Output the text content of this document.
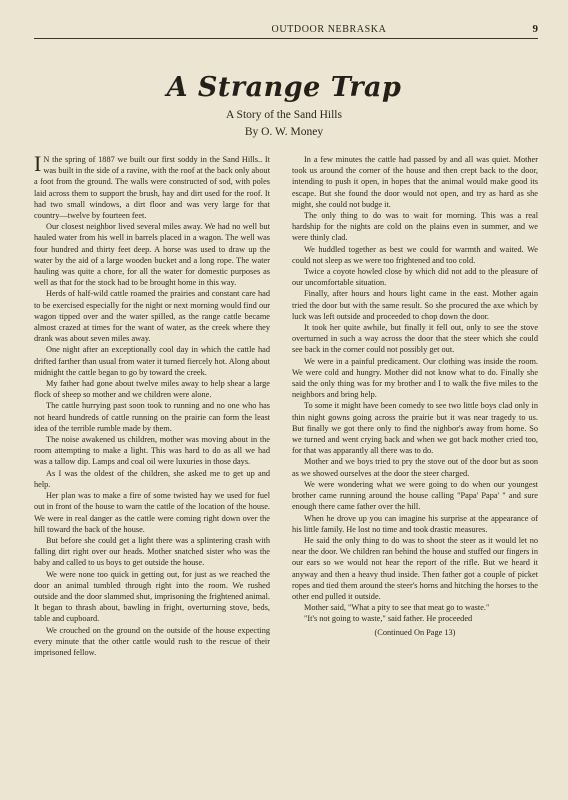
OUTDOOR NEBRASKA	9
A Strange Trap
A Story of the Sand Hills
By O. W. Money

I N the spring of 1887 we built our first soddy in the Sand Hills.. It was built in the side of a ravine, with the roof at the back only about a foot from the ground. The walls were constructed of sod, with poles laid across them to support the brush, hay and dirt used for the roof. It had two small windows, a dirt floor and was very large for that country—twelve by fourteen feet.

Our closest neighbor lived several miles away. We had no well but hauled water from his well in barrels placed in a wagon. The well was four hundred and thirty feet deep. A horse was used to draw up the water by the aid of a large wooden bucket and a long rope. The water hauling was quite a chore, for all the water for domestic purposes as well as that for the stock had to be brought home in this way.

Herds of half-wild cattle roamed the prairies and constant care had to be exercised especially for the night or next morning would find our wagon tipped over and the water spilled, as the range cattle became almost crazed at times for the want of water, as the creek where they drank was about seven miles away.

One night after an exceptionally cool day in which the cattle had drifted farther than usual from water it turned fiercely hot. Along about midnight the cattle began to go by toward the creek.

My father had gone about twelve miles away to help shear a large flock of sheep so mother and we children were alone.

The cattle hurrying past soon took to running and no one who has not heard hundreds of cattle running on the prairie can form the least idea of the terrible rumble made by them.

The noise awakened us children, mother was moving about in the room attempting to make a light. This was hard to do as all we had was a tallow dip. Lamps and coal oil were luxuries in those days.

As I was the oldest of the children, she asked me to get up and help.

Her plan was to make a fire of some twisted hay we used for fuel out in front of the house to warn the cattle of the location of the house. We were in real danger as the cattle were coming right down over the hill toward the back of the house.

But before she could get a light there was a splintering crash with falling dirt right over our heads. Mother snatched sister who was the baby and called to us boys to get outside the house.

We were none too quick in getting out, for just as we reached the door an animal tumbled through right into the room. We rushed outside and the door slammed shut, imprisoning the frightened animal. It began to thrash about, bawling in fright, overturning stove, beds, table and cupboard.

We crouched on the ground on the outside of the house expecting every minute that the other cattle would rush to the rescue of their imprisoned fellow.

In a few minutes the cattle had passed by and all was quiet. Mother took us around the corner of the house and then crept back to the door, intending to push it open, in hopes that the animal would make good its escape. But she found the door would not open, and try as hard as she might, she could not budge it.

The only thing to do was to wait for morning. This was a real hardship for the nights are cold on the plains even in summer, and we were thinly clad.

We huddled together as best we could for warmth and waited. We could not sleep as we were too frightened and too cold.

Twice a coyote howled close by which did not add to the pleasure of our uncomfortable situation.

Finally, after hours and hours light came in the east. Mother again tried the door but with the same result. So she procured the axe which by luck was left outside and proceeded to chop down the door.

It took her quite awhile, but finally it fell out, only to see the stove overturned in such a way across the door that the steer which she could see back in the corner could not possibly get out.

We were in a painful predicament. Our clothing was inside the room. We were cold and hungry. Mother did not know what to do. Finally she said the only thing was for my brother and I to walk the five miles to the neighbors and bring help.

To some it might have been comedy to see two little boys clad only in thin night gowns going across the prairie but it was near tragedy to us. But finally we got there only to find the nighbor's away from home. So we turned and went crying back and when we got back mother cried too, for that was apparantly all there was to do.

Mother and we boys tried to pry the stove out of the door but as soon as we showed ourselves at the door the steer charged.

We were wondering what we were going to do when our youngest brother came running around the house calling "Papa' Papa' " and sure enough there came father over the hill.

When he drove up you can imagine his surprise at the appearance of his little family. He lost no time and took drastic measures.

He said the only thing to do was to shoot the steer as it would let no near the door. We children ran behind the house and stuffed our fingers in our ears so we would not hear the report of the rifle. But we heard it anyway and then a heavy thud inside. Then father got a couple of picket ropes and tied them around the steer's horns and hitching the horses to the other end pulled it outside.

Mother said, "What a pity to see that meat go to waste."

"It's not going to waste," said father. He proceeded

(Continued On Page 13)
